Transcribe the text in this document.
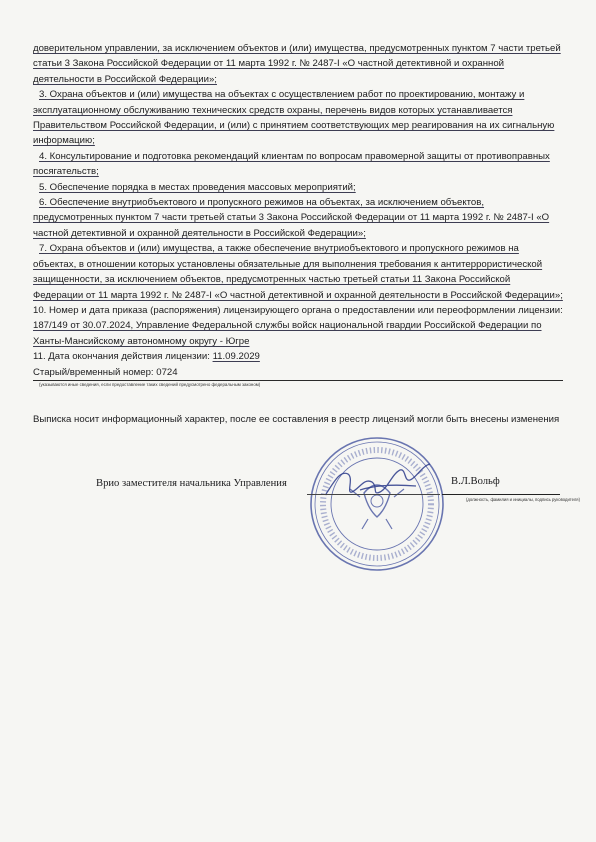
доверительном управлении, за исключением объектов и (или) имущества, предусмотренных пунктом 7 части третьей статьи 3 Закона Российской Федерации от 11 марта 1992 г. № 2487-I «О частной детективной и охранной деятельности в Российской Федерации»;

3. Охрана объектов и (или) имущества на объектах с осуществлением работ по проектированию, монтажу и эксплуатационному обслуживанию технических средств охраны, перечень видов которых устанавливается Правительством Российской Федерации, и (или) с принятием соответствующих мер реагирования на их сигнальную информацию;

4. Консультирование и подготовка рекомендаций клиентам по вопросам правомерной защиты от противоправных посягательств;

5. Обеспечение порядка в местах проведения массовых мероприятий;

6. Обеспечение внутриобъектового и пропускного режимов на объектах, за исключением объектов, предусмотренных пунктом 7 части третьей статьи 3 Закона Российской Федерации от 11 марта 1992 г. № 2487-I «О частной детективной и охранной деятельности в Российской Федерации»;

7. Охрана объектов и (или) имущества, а также обеспечение внутриобъектового и пропускного режимов на объектах, в отношении которых установлены обязательные для выполнения требования к антитеррористической защищенности, за исключением объектов, предусмотренных частью третьей статьи 11 Закона Российской Федерации от 11 марта 1992 г. № 2487-I «О частной детективной и охранной деятельности в Российской Федерации»;

10. Номер и дата приказа (распоряжения) лицензирующего органа о предоставлении или переоформлении лицензии: 187/149 от 30.07.2024, Управление Федеральной службы войск национальной гвардии Российской Федерации по Ханты-Мансийскому автономному округу - Югре

11. Дата окончания действия лицензии: 11.09.2029

Старый/временный номер: 0724

(указываются иные сведения, если предоставление таких сведений предусмотрено федеральным законом)

Выписка носит информационный характер, после ее составления в реестр лицензий могли быть внесены изменения

Врио заместителя начальника Управления	В.Л.Вольф
(должность, фамилия и инициалы, подпись руководителя)
